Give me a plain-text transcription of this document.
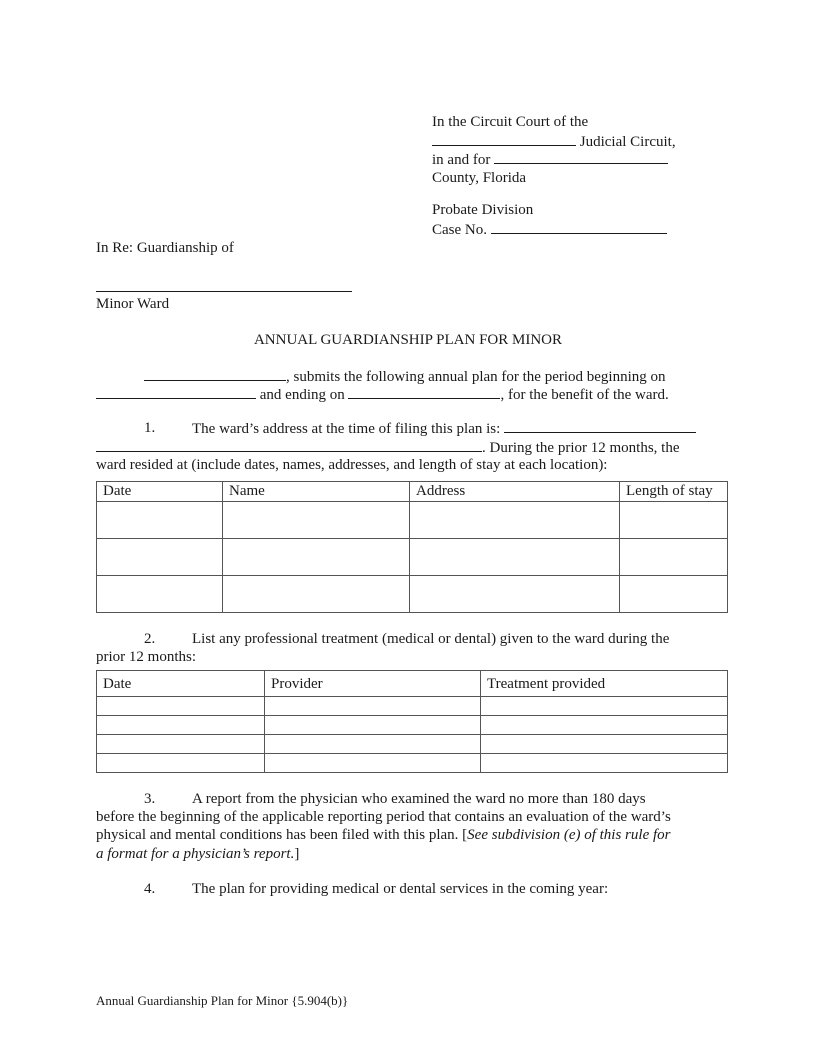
In the Circuit Court of the
Judicial Circuit,
in and for
County, Florida
Probate Division
Case No.
In Re: Guardianship of
Minor Ward
ANNUAL GUARDIANSHIP PLAN FOR MINOR
, submits the following annual plan for the period beginning on
and ending on	, for the benefit of the ward.
1. The ward’s address at the time of filing this plan is:
. During the prior 12 months, the
ward resided at (include dates, names, addresses, and length of stay at each location):
Date	Name	Address	Length of stay

2. List any professional treatment (medical or dental) given to the ward during the
prior 12 months:
Date	Provider	Treatment provided

3. A report from the physician who examined the ward no more than 180 days
before the beginning of the applicable reporting period that contains an evaluation of the ward’s
physical and mental conditions has been filed with this plan. [See subdivision (e) of this rule for
a format for a physician’s report.]
4. The plan for providing medical or dental services in the coming year:
Annual Guardianship Plan for Minor {5.904(b)}
